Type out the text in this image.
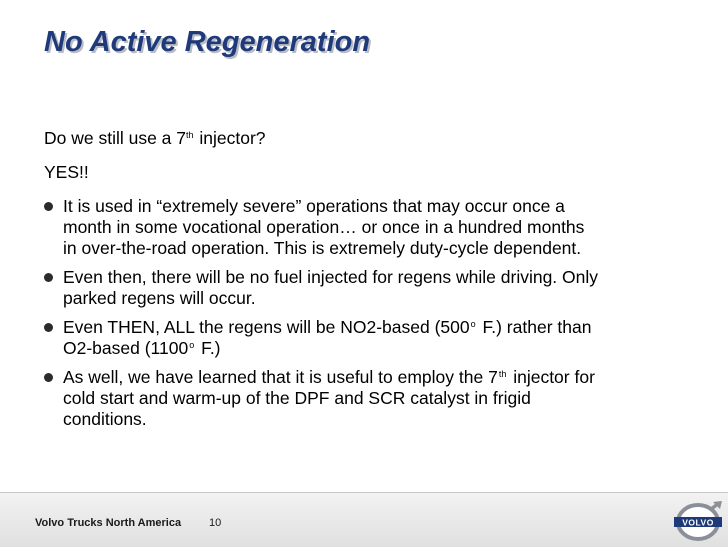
No Active Regeneration

Do we still use a 7th injector?

YES!!

It is used in “extremely severe” operations that may occur once a
month in some vocational operation… or once in a hundred months
in over-the-road operation. This is extremely duty-cycle dependent.
Even then, there will be no fuel injected for regens while driving. Only
parked regens will occur.
Even THEN, ALL the regens will be NO2-based (500$^o$ F.) rather than
O2-based (1100$^o$ F.)
As well, we have learned that it is useful to employ the 7th injector for
cold start and warm-up of the DPF and SCR catalyst in frigid
conditions.
Volvo Trucks North America	10	VOLVO
